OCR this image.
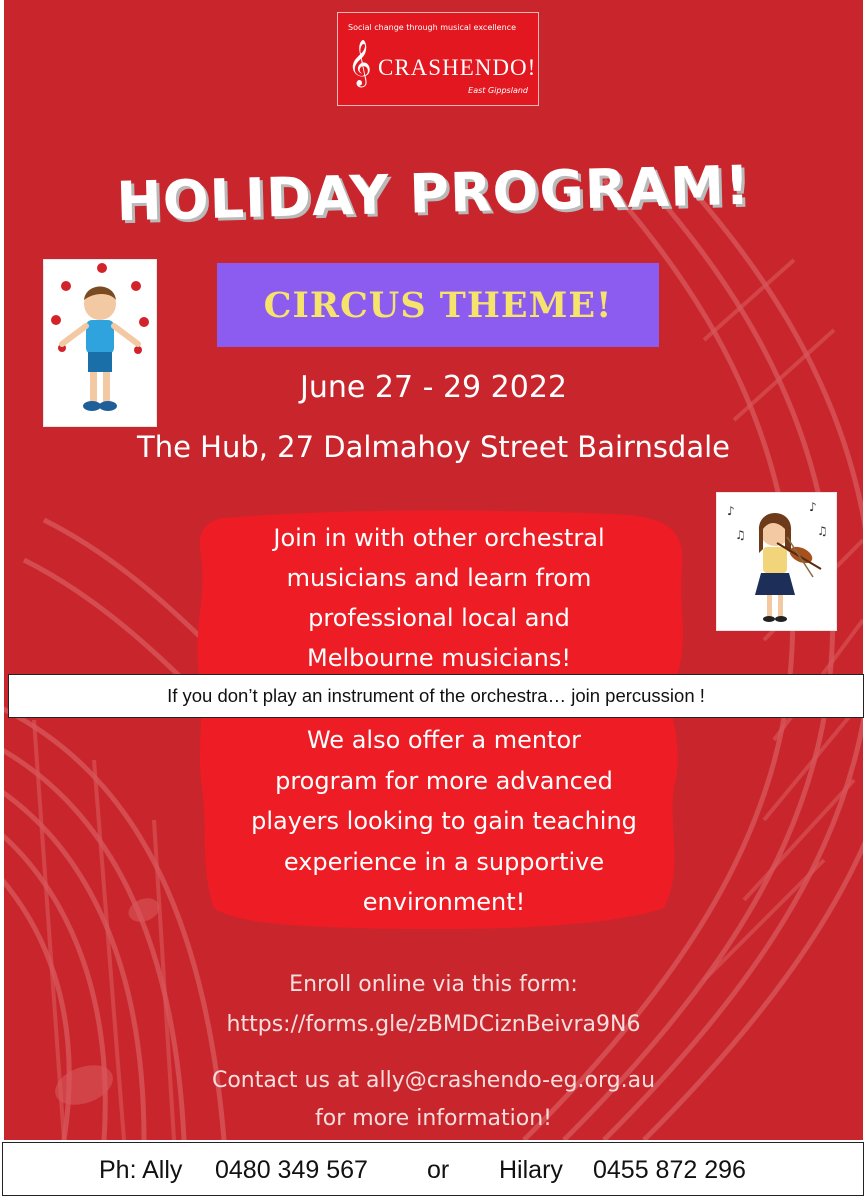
Social change through musical excellence
𝄞 CRASHENDO!
East Gippsland
HOLIDAY PROGRAM!
CIRCUS THEME!
June 27 - 29 2022
The Hub, 27 Dalmahoy Street Bairnsdale
♪
♫
♪
♫
Join in with other orchestral
musicians and learn from
professional local and
Melbourne musicians!
We also offer a mentor
program for more advanced
players looking to gain teaching
experience in a supportive
environment!
If you don’t play an instrument of the orchestra… join percussion !
Enroll online via this form:
https://forms.gle/zBMDCiznBeivra9N6
Contact us at ally@crashendo-eg.org.au
for more information!
Ph: Ally 0480 349 567 or Hilary 0455 872 296
